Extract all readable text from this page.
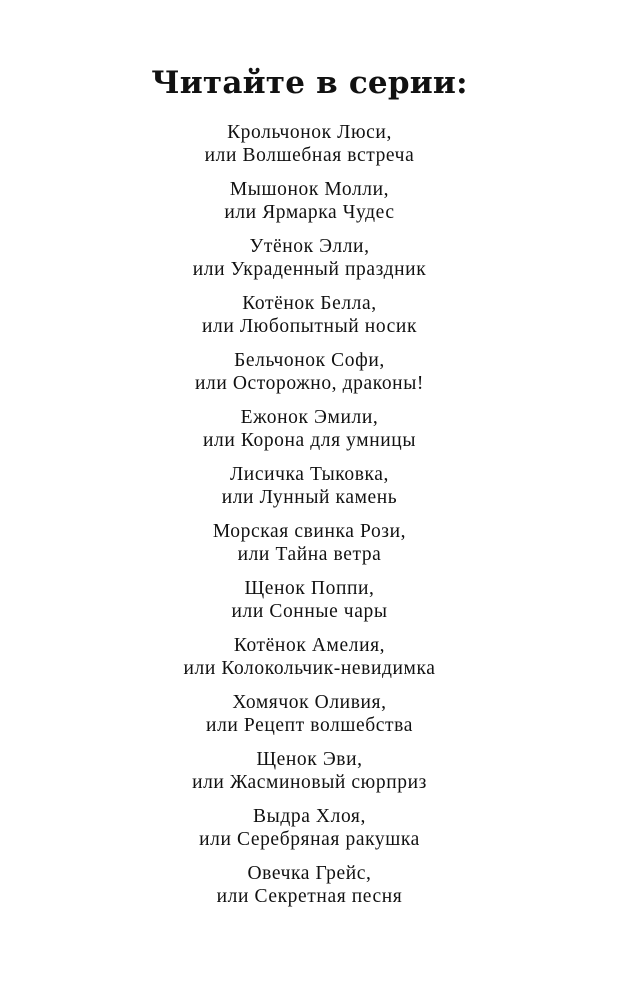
Читайте в серии:
Крольчонок Люси,
или Волшебная встреча
Мышонок Молли,
или Ярмарка Чудес
Утёнок Элли,
или Украденный праздник
Котёнок Белла,
или Любопытный носик
Бельчонок Софи,
или Осторожно, драконы!
Ежонок Эмили,
или Корона для умницы
Лисичка Тыковка,
или Лунный камень
Морская свинка Рози,
или Тайна ветра
Щенок Поппи,
или Сонные чары
Котёнок Амелия,
или Колокольчик-невидимка
Хомячок Оливия,
или Рецепт волшебства
Щенок Эви,
или Жасминовый сюрприз
Выдра Хлоя,
или Серебряная ракушка
Овечка Грейс,
или Секретная песня
